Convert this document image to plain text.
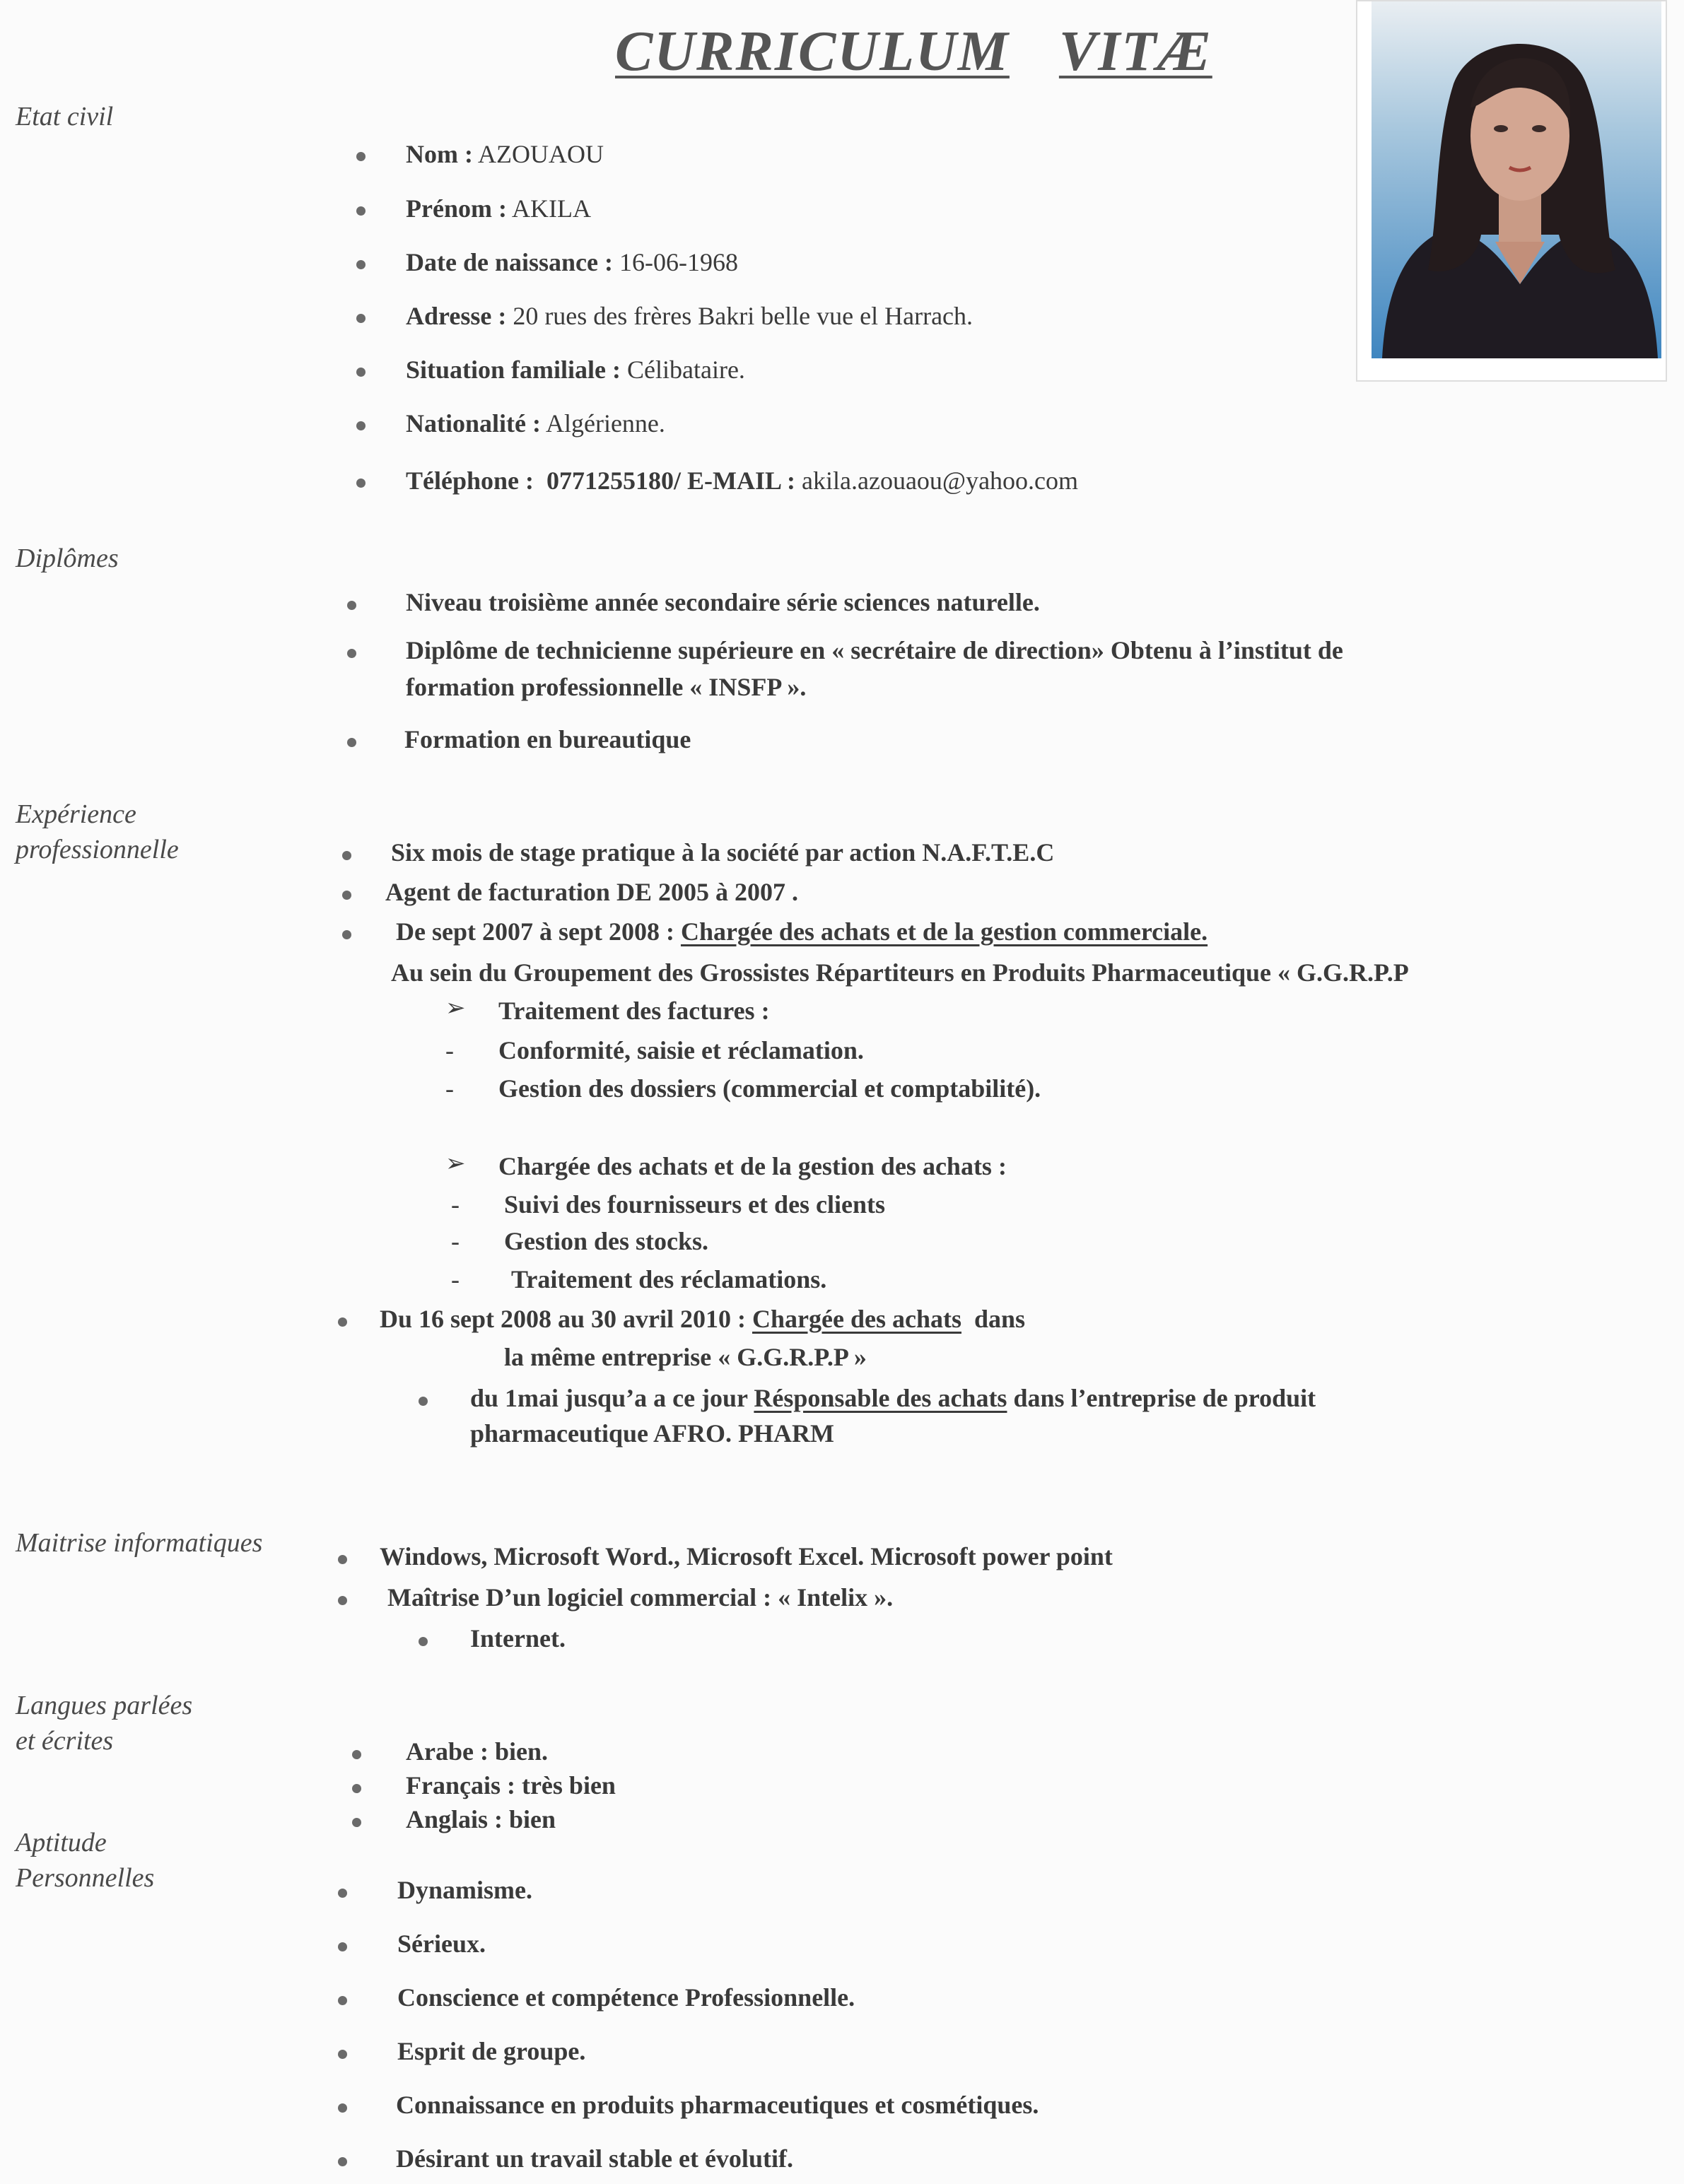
CURRICULUM VITÆ
Etat civil
Nom : AZOUAOU
Prénom : AKILA
Date de naissance : 16-06-1968
Adresse : 20 rues des frères Bakri belle vue el Harrach.
Situation familiale : Célibataire.
Nationalité : Algérienne.
Téléphone : 0771255180/ E-MAIL : akila.azouaou@yahoo.com
Diplômes
Niveau troisième année secondaire série sciences naturelle.
Diplôme de technicienne supérieure en « secrétaire de direction» Obtenu à l’institut de
formation professionnelle « INSFP ».
Formation en bureautique
Expérience professionnelle	Six mois de stage pratique à la société par action N.A.F.T.E.C
Agent de facturation DE 2005 à 2007 .
De sept 2007 à sept 2008 : Chargée des achats et de la gestion commerciale.
Au sein du Groupement des Grossistes Répartiteurs en Produits Pharmaceutique « G.G.R.P.P
➢ Traitement des factures :
- Conformité, saisie et réclamation.
- Gestion des dossiers (commercial et comptabilité).
➢ Chargée des achats et de la gestion des achats :
- Suivi des fournisseurs et des clients
- Gestion des stocks.
- Traitement des réclamations.
Du 16 sept 2008 au 30 avril 2010 : Chargée des achats dans
la même entreprise « G.G.R.P.P »
du 1mai jusqu’a a ce jour Résponsable des achats dans l’entreprise de produit
pharmaceutique AFRO. PHARM
Maitrise informatiques	Windows, Microsoft Word., Microsoft Excel. Microsoft power point
Maîtrise D’un logiciel commercial : « Intelix ».
Internet.
Langues parlées
et écrites	Arabe : bien.
Français : très bien
Anglais : bien
Aptitude
Personnelles	Dynamisme.
Sérieux.
Conscience et compétence Professionnelle.
Esprit de groupe.
Connaissance en produits pharmaceutiques et cosmétiques.
Désirant un travail stable et évolutif.
